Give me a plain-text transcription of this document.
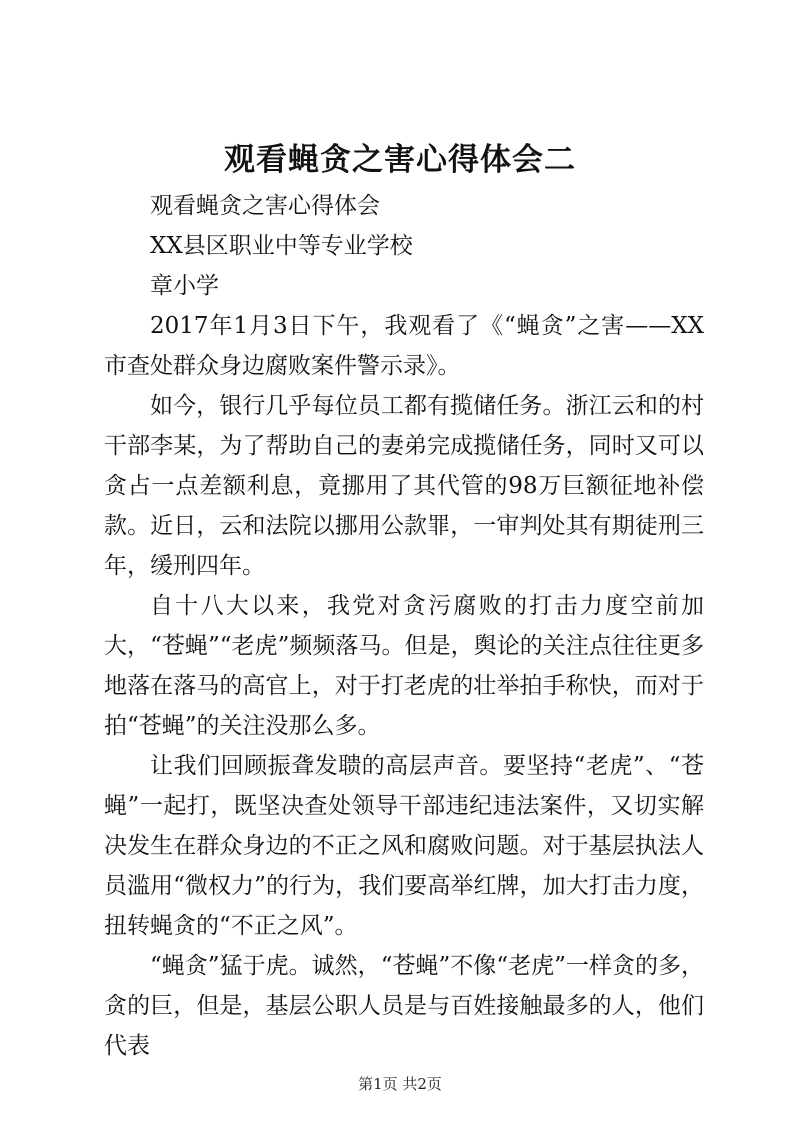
观看蝇贪之害心得体会二

观看蝇贪之害心得体会

XX县区职业中等专业学校

章小学

2017年1月3日下午，我观看了《“蝇贪”之害——XX市查处群众身边腐败案件警示录》。

如今，银行几乎每位员工都有揽储任务。浙江云和的村干部李某，为了帮助自己的妻弟完成揽储任务，同时又可以贪占一点差额利息，竟挪用了其代管的98万巨额征地补偿款。近日，云和法院以挪用公款罪，一审判处其有期徒刑三年，缓刑四年。

自十八大以来，我党对贪污腐败的打击力度空前加大，“苍蝇”“老虎”频频落马。但是，舆论的关注点往往更多地落在落马的高官上，对于打老虎的壮举拍手称快，而对于拍“苍蝇”的关注没那么多。

让我们回顾振聋发聩的高层声音。要坚持“老虎”、“苍蝇”一起打，既坚决查处领导干部违纪违法案件，又切实解决发生在群众身边的不正之风和腐败问题。对于基层执法人员滥用“微权力”的行为，我们要高举红牌，加大打击力度，扭转蝇贪的“不正之风”。

“蝇贪”猛于虎。诚然，“苍蝇”不像“老虎”一样贪的多，贪的巨，但是，基层公职人员是与百姓接触最多的人，他们代表

第1页 共2页
